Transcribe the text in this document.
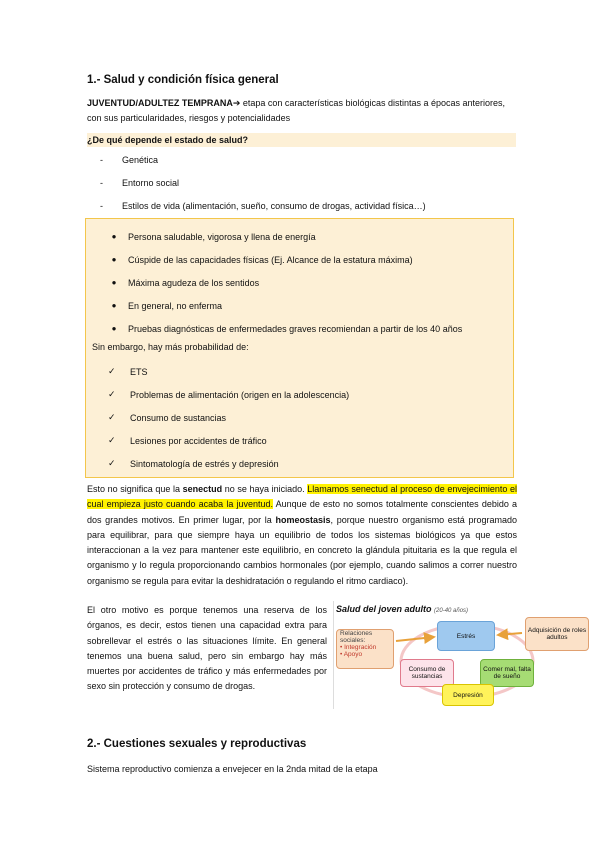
1.- Salud y condición física general
JUVENTUD/ADULTEZ TEMPRANA➔ etapa con características biológicas distintas a épocas anteriores, con sus particularidades, riesgos y potencialidades
¿De qué depende el estado de salud?
-	Genética
-	Entorno social
-	Estilos de vida (alimentación, sueño, consumo de drogas, actividad física…)
●	Persona saludable, vigorosa y llena de energía
●	Cúspide de las capacidades físicas (Ej. Alcance de la estatura máxima)
●	Máxima agudeza de los sentidos
●	En general, no enferma
●	Pruebas diagnósticas de enfermedades graves recomiendan a partir de los 40 años
Sin embargo, hay más probabilidad de:
✓	ETS
✓	Problemas de alimentación (origen en la adolescencia)
✓	Consumo de sustancias
✓	Lesiones por accidentes de tráfico
✓	Sintomatología de estrés y depresión
Esto no significa que la senectud no se haya iniciado. Llamamos senectud al proceso de envejecimiento el cual empieza justo cuando acaba la juventud. Aunque de esto no somos totalmente conscientes debido a dos grandes motivos. En primer lugar, por la homeostasis, porque nuestro organismo está programado para equilibrar, para que siempre haya un equilibrio de todos los sistemas biológicos ya que estos interaccionan a la vez para mantener este equilibrio, en concreto la glándula pituitaria es la que regula el organismo y lo regula proporcionando cambios hormonales (por ejemplo, cuando salimos a correr nuestro organismo se regula para evitar la deshidratación o regulando el ritmo cardiaco).
El otro motivo es porque tenemos una reserva de los órganos, es decir, estos tienen una capacidad extra para sobrellevar el estrés o las situaciones límite. En general tenemos una buena salud, pero sin embargo hay más muertes por accidentes de tráfico y más enfermedades por sexo sin protección y consumo de drogas.
Salud del joven adulto (20-40 años)
Estrés
Relaciones sociales:
• Integración
• Apoyo
Adquisición de roles adultos
Consumo de sustancias
Comer mal, falta de sueño
Depresión
2.- Cuestiones sexuales y reproductivas
Sistema reproductivo comienza a envejecer en la 2nda mitad de la etapa
